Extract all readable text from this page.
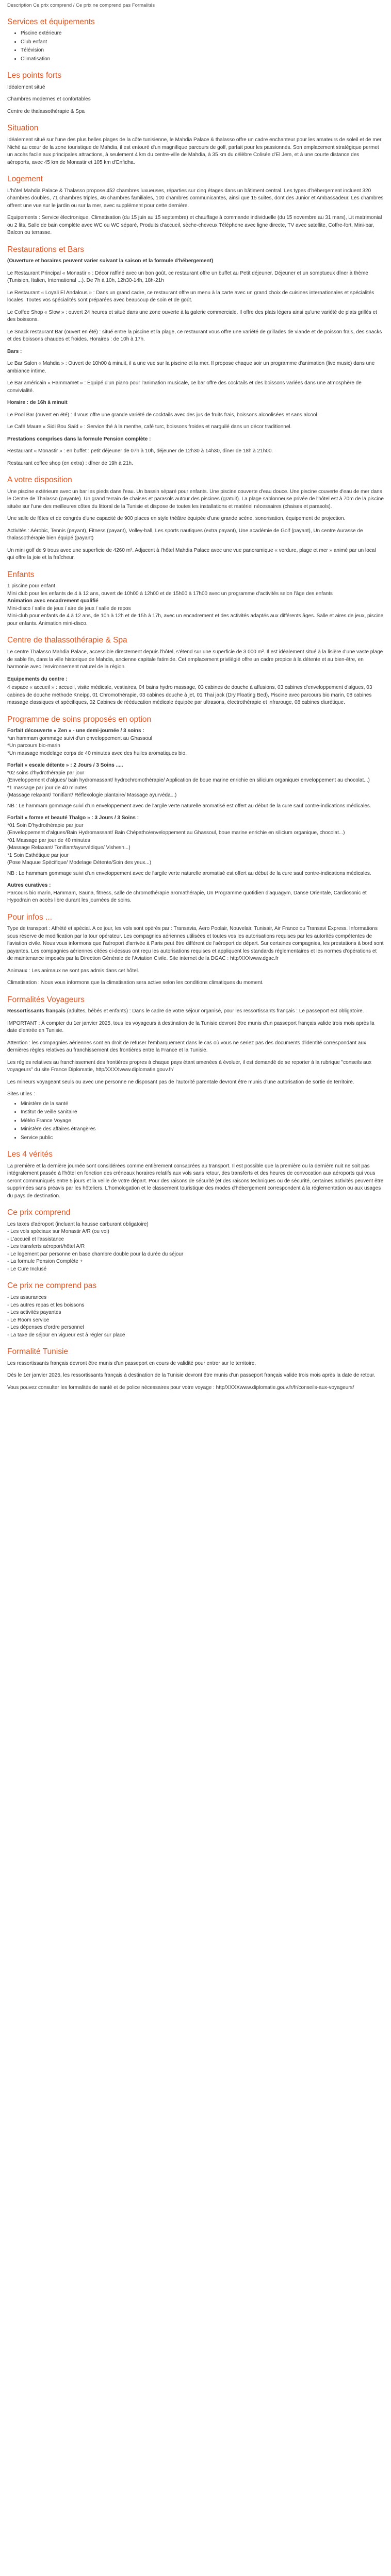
Description Ce prix comprend / Ce prix ne comprend pas Formalités
Services et équipements
• Piscine extérieure
• Club enfant
• Télévision
• Climatisation
Les points forts

Idéalement situé

Chambres modernes et confortables

Centre de thalassothérapie & Spa

Situation

Idéalement situé sur l'une des plus belles plages de la côte tunisienne, le Mahdia Palace & thalasso offre un cadre enchanteur pour les amateurs de soleil et de mer. Niché au cœur de la zone touristique de Mahdia, il est entouré d'un magnifique parcours de golf, parfait pour les passionnés. Son emplacement stratégique permet un accès facile aux principales attractions, à seulement 4 km du centre-ville de Mahdia, à 35 km du célèbre Colisée d'El Jem, et à une courte distance des aéroports, avec 45 km de Monastir et 105 km d'Enfidha.

Logement

L'hôtel Mahdia Palace & Thalasso propose 452 chambres luxueuses, réparties sur cinq étages dans un bâtiment central. Les types d'hébergement incluent 320 chambres doubles, 71 chambres triples, 46 chambres familiales, 100 chambres communicantes, ainsi que 15 suites, dont des Junior et Ambassadeur. Les chambres offrent une vue sur le jardin ou sur la mer, avec supplément pour cette dernière.

Equipements : Service électronique, Climatisation (du 15 juin au 15 septembre) et chauffage à commande individuelle (du 15 novembre au 31 mars), Lit matrimonial ou 2 lits, Salle de bain complète avec WC ou WC séparé, Produits d'accueil, sèche-cheveux Téléphone avec ligne directe, TV avec satellite, Coffre-fort, Mini-bar, Balcon ou terrasse.

Restaurations et Bars

(Ouverture et horaires peuvent varier suivant la saison et la formule d'hébergement)

Le Restaurant Principal « Monastir » : Décor raffiné avec un bon goût, ce restaurant offre un buffet au Petit déjeuner, Déjeuner et un somptueux dîner à thème (Tunisien, Italien, International ...). De 7h à 10h, 12h30-14h, 18h-21h

Le Restaurant « Loyali El Andalous » : Dans un grand cadre, ce restaurant offre un menu à la carte avec un grand choix de cuisines internationales et spécialités locales. Toutes vos spécialités sont préparées avec beaucoup de soin et de goût.

Le Coffee Shop « Slow » : ouvert 24 heures et situé dans une zone ouverte à la galerie commerciale. Il offre des plats légers ainsi qu'une variété de plats grillés et des boissons.

Le Snack restaurant Bar (ouvert en été) : situé entre la piscine et la plage, ce restaurant vous offre une variété de grillades de viande et de poisson frais, des snacks et des boissons chaudes et froides. Horaires : de 10h à 17h.

Bars :

Le Bar Salon « Mahdia » : Ouvert de 10h00 à minuit, il a une vue sur la piscine et la mer. Il propose chaque soir un programme d'animation (live music) dans une ambiance intime.

Le Bar américain « Hammamet » : Équipé d'un piano pour l'animation musicale, ce bar offre des cocktails et des boissons variées dans une atmosphère de convivialité.

Horaire : de 16h à minuit

Le Pool Bar (ouvert en été) : Il vous offre une grande variété de cocktails avec des jus de fruits frais, boissons alcoolisées et sans alcool.

Le Café Maure « Sidi Bou Saïd » : Service thé à la menthe, café turc, boissons froides et narguilé dans un décor traditionnel.

Prestations comprises dans la formule Pension complète :

Restaurant « Monastir » : en buffet : petit déjeuner de 07h à 10h, déjeuner de 12h30 à 14h30, dîner de 18h à 21h00.

Restaurant coffee shop (en extra) : dîner de 19h à 21h.

A votre disposition

Une piscine extérieure avec un bar les pieds dans l'eau. Un bassin séparé pour enfants. Une piscine couverte d'eau douce. Une piscine couverte d'eau de mer dans le Centre de Thalasso (payante). Un grand terrain de chaises et parasols autour des piscines (gratuit). La plage sablonneuse privée de l'hôtel est à 70m de la piscine située sur l'une des meilleures côtes du littoral de la Tunisie et dispose de toutes les installations et matériel nécessaires (chaises et parasols).

Une salle de fêtes et de congrès d'une capacité de 900 places en style théâtre équipée d'une grande scène, sonorisation, équipement de projection.

Activités : Aérobic, Tennis (payant), Fitness (payant), Volley-ball, Les sports nautiques (extra payant), Une académie de Golf (payant), Un centre Aurasse de thalassothérapie bien équipé (payant)

Un mini golf de 9 trous avec une superficie de 4260 m². Adjacent à l'hôtel Mahdia Palace avec une vue panoramique « verdure, plage et mer » animé par un local qui offre la joie et la fraîcheur.

Enfants
1 piscine pour enfant
Mini club pour les enfants de 4 à 12 ans, ouvert de 10h00 à 12h00 et de 15h00 à 17h00 avec un programme d'activités selon l'âge des enfants
Animation avec encadrement qualifié
Mini-disco / salle de jeux / aire de jeux / salle de repos
Mini-club pour enfants de 4 à 12 ans, de 10h à 12h et de 15h à 17h, avec un encadrement et des activités adaptés aux différents âges. Salle et aires de jeux, piscine pour enfants. Animation mini-disco.
Centre de thalassothérapie & Spa

Le centre Thalasso Mahdia Palace, accessible directement depuis l'hôtel, s'étend sur une superficie de 3 000 m². Il est idéalement situé à la lisière d'une vaste plage de sable fin, dans la ville historique de Mahdia, ancienne capitale fatimide. Cet emplacement privilégié offre un cadre propice à la détente et au bien-être, en harmonie avec l'environnement naturel de la région.

Equipements du centre :

4 espace « accueil » : accueil, visite médicale, vestiaires, 04 bains hydro massage, 03 cabines de douche à affusions, 03 cabines d'enveloppement d'algues, 03 cabines de douche méthode Kneipp, 01 Chromothérapie, 03 cabines douche à jet, 01 Thai jack (Dry Floating Bed), Piscine avec parcours bio marin, 08 cabines massage classiques et spécifiques, 02 Cabines de rééducation médicale équipée par ultrasons, électrothérapie et infrarouge, 08 cabines diurétique.

Programme de soins proposés en option
Forfait découverte « Zen » - une demi-journée / 3 soins :
*un hammam gommage suivi d'un enveloppement au Ghassoul
*Un parcours bio-marin
*Un massage modelage corps de 40 minutes avec des huiles aromatiques bio.
Forfait « escale détente » : 2 Jours / 3 Soins .....
*02 soins d'hydrothérapie par jour
(Enveloppement d'algues/ bain hydromassant/ hydrochromothérapie/ Application de boue marine enrichie en silicium organique/ enveloppement au chocolat...)
*1 massage par jour de 40 minutes
(Massage relaxant/ Tonifiant/ Réflexologie plantaire/ Massage ayurvéda...)
NB : Le hammam gommage suivi d'un enveloppement avec de l'argile verte naturelle aromatisé est offert au début de la cure sauf contre-indications médicales.
Forfait « forme et beauté Thalgo » : 3 Jours / 3 Soins :
*01 Soin D'hydrothérapie par jour
(Enveloppement d'algues/Bain Hydromassant/ Bain Chépatho/enveloppement au Ghassoul, boue marine enrichie en silicium organique, chocolat...)
*01 Massage par jour de 40 minutes
(Massage Relaxant/ Tonifiant/ayurvédique/ Vishesh...)
*1 Soin Esthétique par jour
(Pose Maquue Spécifique/ Modelage Détente/Soin des yeux...)
NB : Le hammam gommage suivi d'un enveloppement avec de l'argile verte naturelle aromatisé est offert au début de la cure sauf contre-indications médicales.
Autres curatives :

Parcours bio marin, Hammam, Sauna, fitness, salle de chromothérapie aromathérapie, Un Programme quotidien d'aquagym, Danse Orientale, Cardiosonic et Hypodrain en accès libre durant les journées de soins.

Pour infos ...

Type de transport : Affrété et spécial. A ce jour, les vols sont opérés par : Transavia, Aero Poolair, Nouvelair, Tunisair, Air France ou Transavi Express. Informations sous réserve de modification par la tour opérateur. Les compagnies aériennes utilisées et toutes vos les autorisations requises par les autorités compétentes de l'aviation civile. Nous vous informons que l'aéroport d'arrivée à Paris peut être différent de l'aéroport de départ. Sur certaines compagnies, les prestations à bord sont payantes. Les compagnies aériennes citées ci-dessus ont reçu les autorisations requises et appliquent les standards réglementaires et les normes d'opérations et de maintenance imposés par la Direction Générale de l'Aviation Civile. Site internet de la DGAC : http/XXXwww.dgac.fr

Animaux : Les animaux ne sont pas admis dans cet hôtel.

Climatisation : Nous vous informons que la climatisation sera active selon les conditions climatiques du moment.

Formalités Voyageurs

Ressortissants français (adultes, bébés et enfants) : Dans le cadre de votre séjour organisé, pour les ressortissants français : Le passeport est obligatoire.

IMPORTANT : À compter du 1er janvier 2025, tous les voyageurs à destination de la Tunisie devront être munis d'un passeport français valide trois mois après la date d'entrée en Tunisie.

Attention : les compagnies aériennes sont en droit de refuser l'embarquement dans le cas où vous ne seriez pas des documents d'identité correspondant aux dernières règles relatives au franchissement des frontières entre la France et la Tunisie.

Les règles relatives au franchissement des frontières propres à chaque pays étant amenées à évoluer, il est demandé de se reporter à la rubrique "conseils aux voyageurs" du site France Diplomatie, http/XXXXwww.diplomatie.gouv.fr/

Les mineurs voyageant seuls ou avec une personne ne disposant pas de l'autorité parentale devront être munis d'une autorisation de sortie de territoire.

Sites utiles :
• Ministère de la santé
• Institut de veille sanitaire
• Météo France Voyage
• Ministère des affaires étrangères
• Service public
Les 4 vérités

La première et la dernière journée sont considérées comme entièrement consacrées au transport. Il est possible que la première ou la dernière nuit ne soit pas intégralement passée à l'hôtel en fonction des créneaux horaires relatifs aux vols sans retour, des transferts et des heures de convocation aux aéroports qui vous seront communiqués entre 5 jours et la veille de votre départ. Pour des raisons de sécurité (et des raisons techniques ou de sécurité, certaines activités peuvent être supprimées sans préavis par les hôteliers. L'homologation et le classement touristique des modes d'hébergement correspondent à la réglementation ou aux usages du pays de destination.

Ce prix comprend
Les taxes d'aéroport (incluant la hausse carburant obligatoire)
- Les vols spéciaux sur Monastir A/R (ou vol)
- L'accueil et l'assistance
- Les transferts aéroport/hôtel A/R
- Le logement par personne en base chambre double pour la durée du séjour
- La formule Pension Complète +
- Le Cure Inclusé
Ce prix ne comprend pas
- Les assurances
- Les autres repas et les boissons
- Les activités payantes
- Le Room service
- Les dépenses d'ordre personnel
- La taxe de séjour en vigueur est à régler sur place
Formalité Tunisie

Les ressortissants français devront être munis d'un passeport en cours de validité pour entrer sur le territoire.

Dès le 1er janvier 2025, les ressortissants français à destination de la Tunisie devront être munis d'un passeport français valide trois mois après la date de retour.

Vous pouvez consulter les formalités de santé et de police nécessaires pour votre voyage : http/XXXXwww.diplomatie.gouv.fr/fr/conseils-aux-voyageurs/
